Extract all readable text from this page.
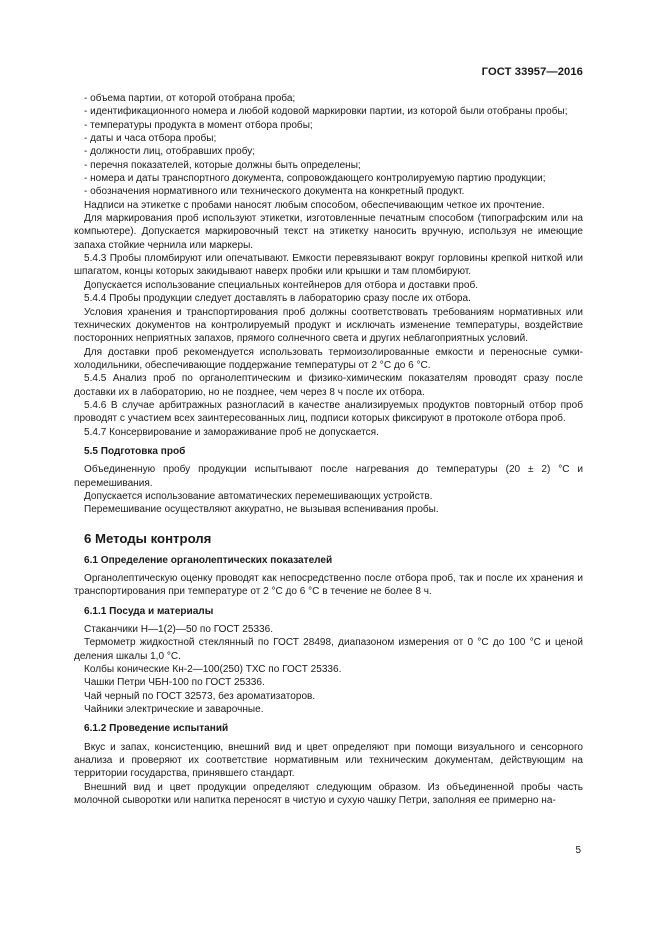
ГОСТ 33957—2016

- объема партии, от которой отобрана проба;

- идентификационного номера и любой кодовой маркировки партии, из которой были отобраны пробы;

- температуры продукта в момент отбора пробы;

- даты и часа отбора пробы;

- должности лиц, отобравших пробу;

- перечня показателей, которые должны быть определены;

- номера и даты транспортного документа, сопровождающего контролируемую партию продукции;

- обозначения нормативного или технического документа на конкретный продукт.

Надписи на этикетке с пробами наносят любым способом, обеспечивающим четкое их прочтение.

Для маркирования проб используют этикетки, изготовленные печатным способом (типографским или на компьютере). Допускается маркировочный текст на этикетку наносить вручную, используя не имеющие запаха стойкие чернила или маркеры.

5.4.3 Пробы пломбируют или опечатывают. Емкости перевязывают вокруг горловины крепкой ниткой или шпагатом, концы которых закидывают наверх пробки или крышки и там пломбируют.

Допускается использование специальных контейнеров для отбора и доставки проб.

5.4.4 Пробы продукции следует доставлять в лабораторию сразу после их отбора.

Условия хранения и транспортирования проб должны соответствовать требованиям нормативных или технических документов на контролируемый продукт и исключать изменение температуры, воздействие посторонних неприятных запахов, прямого солнечного света и других неблагоприятных условий.

Для доставки проб рекомендуется использовать термоизолированные емкости и переносные сумки-холодильники, обеспечивающие поддержание температуры от 2 °С до 6 °С.

5.4.5 Анализ проб по органолептическим и физико-химическим показателям проводят сразу после доставки их в лабораторию, но не позднее, чем через 8 ч после их отбора.

5.4.6 В случае арбитражных разногласий в качестве анализируемых продуктов повторный отбор проб проводят с участием всех заинтересованных лиц, подписи которых фиксируют в протоколе отбора проб.

5.4.7 Консервирование и замораживание проб не допускается.

5.5 Подготовка проб

Объединенную пробу продукции испытывают после нагревания до температуры (20 ± 2) °С и перемешивания.

Допускается использование автоматических перемешивающих устройств.

Перемешивание осуществляют аккуратно, не вызывая вспенивания пробы.

6 Методы контроля

6.1 Определение органолептических показателей

Органолептическую оценку проводят как непосредственно после отбора проб, так и после их хранения и транспортирования при температуре от 2 °С до 6 °С в течение не более 8 ч.

6.1.1 Посуда и материалы

Стаканчики Н—1(2)—50 по ГОСТ 25336.

Термометр жидкостной стеклянный по ГОСТ 28498, диапазоном измерения от 0 °С до 100 °С и ценой деления шкалы 1,0 °С.

Колбы конические Кн-2—100(250) ТХС по ГОСТ 25336.

Чашки Петри ЧБН-100 по ГОСТ 25336.

Чай черный по ГОСТ 32573, без ароматизаторов.

Чайники электрические и заварочные.

6.1.2 Проведение испытаний

Вкус и запах, консистенцию, внешний вид и цвет определяют при помощи визуального и сенсорного анализа и проверяют их соответствие нормативным или техническим документам, действующим на территории государства, принявшего стандарт.

Внешний вид и цвет продукции определяют следующим образом. Из объединенной пробы часть молочной сыворотки или напитка переносят в чистую и сухую чашку Петри, заполняя ее примерно на-

5
